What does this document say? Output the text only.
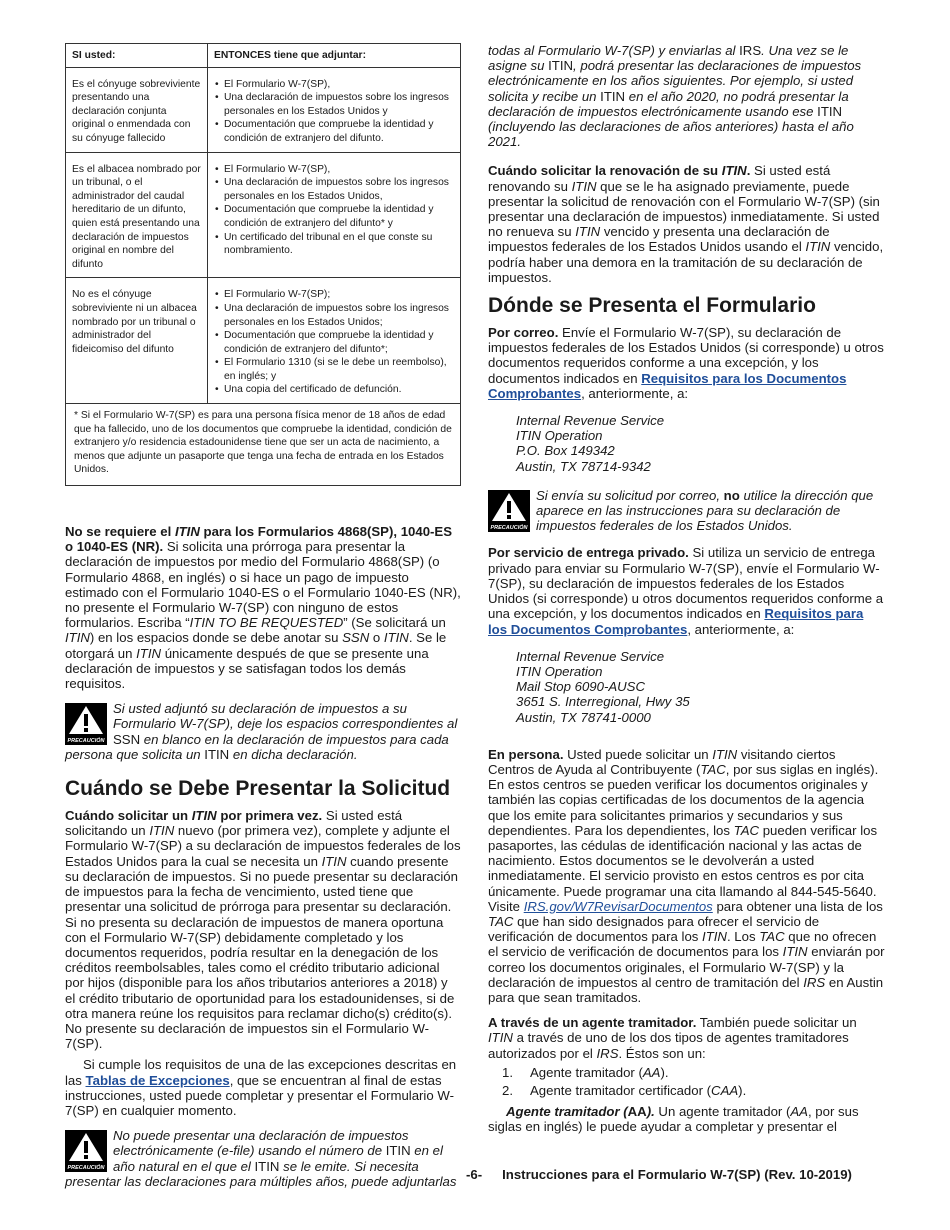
SI usted:	ENTONCES tiene que adjuntar:
Es el cónyuge sobreviviente presentando una declaración conjunta original o enmendada con su cónyuge fallecido	• El Formulario W-7(SP),
• Una declaración de impuestos sobre los ingresos personales en los Estados Unidos y
• Documentación que compruebe la identidad y condición de extranjero del difunto.

Es el albacea nombrado por un tribunal, o el administrador del caudal hereditario de un difunto, quien está presentando una declaración de impuestos original en nombre del difunto	• El Formulario W-7(SP),
• Una declaración de impuestos sobre los ingresos personales en los Estados Unidos,
• Documentación que compruebe la identidad y condición de extranjero del difunto* y
• Un certificado del tribunal en el que conste su nombramiento.

No es el cónyuge sobreviviente ni un albacea nombrado por un tribunal o administrador del fideicomiso del difunto	• El Formulario W-7(SP);
• Una declaración de impuestos sobre los ingresos personales en los Estados Unidos;
• Documentación que compruebe la identidad y condición de extranjero del difunto*;
• El Formulario 1310 (si se le debe un reembolso), en inglés; y
• Una copia del certificado de defunción.

* Si el Formulario W-7(SP) es para una persona física menor de 18 años de edad que ha fallecido, uno de los documentos que compruebe la identidad, condición de extranjero y/o residencia estadounidense tiene que ser un acta de nacimiento, a menos que adjunte un pasaporte que tenga una fecha de entrada en los Estados Unidos.	

No se requiere el ITIN para los Formularios 4868(SP), 1040-ES o 1040-ES (NR). Si solicita una prórroga para presentar la declaración de impuestos por medio del Formulario 4868(SP) (o Formulario 4868, en inglés) o si hace un pago de impuesto estimado con el Formulario 1040-ES o el Formulario 1040-ES (NR), no presente el Formulario W-7(SP) con ninguno de estos formularios. Escriba “ITIN TO BE REQUESTED” (Se solicitará un ITIN) en los espacios donde se debe anotar su SSN o ITIN. Se le otorgará un ITIN únicamente después de que se presente una declaración de impuestos y se satisfagan todos los demás requisitos.

PRECAUCIÓN
Si usted adjuntó su declaración de impuestos a su Formulario W-7(SP), deje los espacios correspondientes al SSN en blanco en la declaración de impuestos para cada persona que solicita un ITIN en dicha declaración.
Cuándo se Debe Presentar la Solicitud

Cuándo solicitar un ITIN por primera vez. Si usted está solicitando un ITIN nuevo (por primera vez), complete y adjunte el Formulario W-7(SP) a su declaración de impuestos federales de los Estados Unidos para la cual se necesita un ITIN cuando presente su declaración de impuestos. Si no puede presentar su declaración de impuestos para la fecha de vencimiento, usted tiene que presentar una solicitud de prórroga para presentar su declaración. Si no presenta su declaración de impuestos de manera oportuna con el Formulario W-7(SP) debidamente completado y los documentos requeridos, podría resultar en la denegación de los créditos reembolsables, tales como el crédito tributario adicional por hijos (disponible para los años tributarios anteriores a 2018) y el crédito tributario de oportunidad para los estadounidenses, si de otra manera reúne los requisitos para reclamar dicho(s) crédito(s). No presente su declaración de impuestos sin el Formulario W-7(SP).

Si cumple los requisitos de una de las excepciones descritas en las Tablas de Excepciones, que se encuentran al final de estas instrucciones, usted puede completar y presentar el Formulario W-7(SP) en cualquier momento.

PRECAUCIÓN
No puede presentar una declaración de impuestos electrónicamente (e-file) usando el número de ITIN en el año natural en el que el ITIN se le emite. Si necesita presentar las declaraciones para múltiples años, puede adjuntarlas

todas al Formulario W-7(SP) y enviarlas al IRS. Una vez se le asigne su ITIN, podrá presentar las declaraciones de impuestos electrónicamente en los años siguientes. Por ejemplo, si usted solicita y recibe un ITIN en el año 2020, no podrá presentar la declaración de impuestos electrónicamente usando ese ITIN (incluyendo las declaraciones de años anteriores) hasta el año 2021.

Cuándo solicitar la renovación de su ITIN. Si usted está renovando su ITIN que se le ha asignado previamente, puede presentar la solicitud de renovación con el Formulario W-7(SP) (sin presentar una declaración de impuestos) inmediatamente. Si usted no renueva su ITIN vencido y presenta una declaración de impuestos federales de los Estados Unidos usando el ITIN vencido, podría haber una demora en la tramitación de su declaración de impuestos.

Dónde se Presenta el Formulario

Por correo. Envíe el Formulario W-7(SP), su declaración de impuestos federales de los Estados Unidos (si corresponde) u otros documentos requeridos conforme a una excepción, y los documentos indicados en Requisitos para los Documentos Comprobantes, anteriormente, a:

Internal Revenue Service
ITIN Operation
P.O. Box 149342
Austin, TX 78714-9342
PRECAUCIÓN
Si envía su solicitud por correo, no utilice la dirección que aparece en las instrucciones para su declaración de impuestos federales de los Estados Unidos.

Por servicio de entrega privado. Si utiliza un servicio de entrega privado para enviar su Formulario W-7(SP), envíe el Formulario W-7(SP), su declaración de impuestos federales de los Estados Unidos (si corresponde) u otros documentos requeridos conforme a una excepción, y los documentos indicados en Requisitos para los Documentos Comprobantes, anteriormente, a:

Internal Revenue Service
ITIN Operation
Mail Stop 6090-AUSC
3651 S. Interregional, Hwy 35
Austin, TX 78741-0000

En persona. Usted puede solicitar un ITIN visitando ciertos Centros de Ayuda al Contribuyente (TAC, por sus siglas en inglés). En estos centros se pueden verificar los documentos originales y también las copias certificadas de los documentos de la agencia que los emite para solicitantes primarios y secundarios y sus dependientes. Para los dependientes, los TAC pueden verificar los pasaportes, las cédulas de identificación nacional y las actas de nacimiento. Estos documentos se le devolverán a usted inmediatamente. El servicio provisto en estos centros es por cita únicamente. Puede programar una cita llamando al 844-545-5640. Visite IRS.gov/W7RevisarDocumentos para obtener una lista de los TAC que han sido designados para ofrecer el servicio de verificación de documentos para los ITIN. Los TAC que no ofrecen el servicio de verificación de documentos para los ITIN enviarán por correo los documentos originales, el Formulario W-7(SP) y la declaración de impuestos al centro de tramitación del IRS en Austin para que sean tramitados.

A través de un agente tramitador. También puede solicitar un ITIN a través de uno de los dos tipos de agentes tramitadores autorizados por el IRS. Éstos son un:

1. Agente tramitador (AA).
2. Agente tramitador certificador (CAA).

Agente tramitador (AA). Un agente tramitador (AA, por sus siglas en inglés) le puede ayudar a completar y presentar el

-6- Instrucciones para el Formulario W-7(SP) (Rev. 10-2019)
